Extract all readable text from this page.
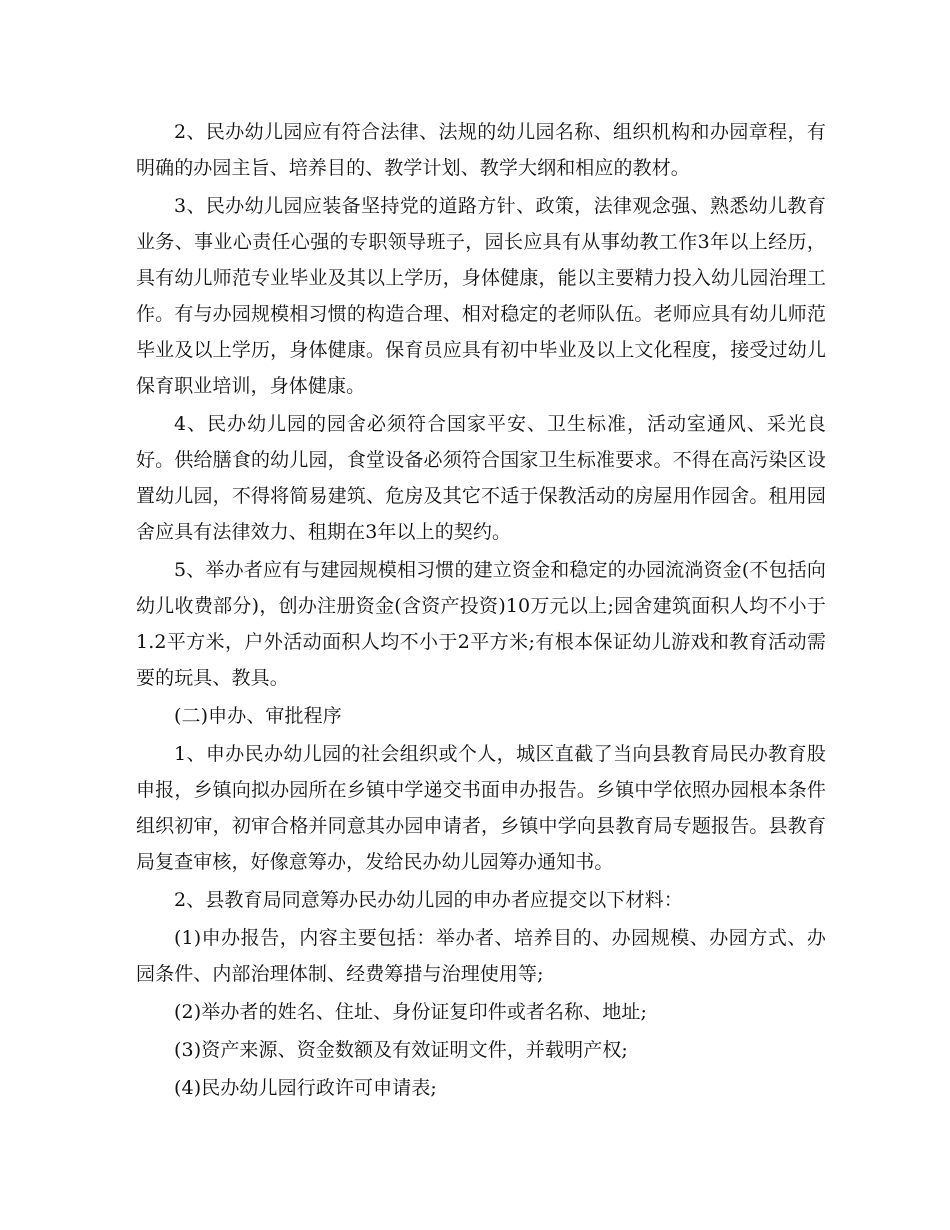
2、民办幼儿园应有符合法律、法规的幼儿园名称、组织机构和办园章程，有明确的办园主旨、培养目的、教学计划、教学大纲和相应的教材。

3、民办幼儿园应装备坚持党的道路方针、政策，法律观念强、熟悉幼儿教育业务、事业心责任心强的专职领导班子，园长应具有从事幼教工作3年以上经历，具有幼儿师范专业毕业及其以上学历，身体健康，能以主要精力投入幼儿园治理工作。有与办园规模相习惯的构造合理、相对稳定的老师队伍。老师应具有幼儿师范毕业及以上学历，身体健康。保育员应具有初中毕业及以上文化程度，接受过幼儿保育职业培训，身体健康。

4、民办幼儿园的园舍必须符合国家平安、卫生标准，活动室通风、采光良好。供给膳食的幼儿园，食堂设备必须符合国家卫生标准要求。不得在高污染区设置幼儿园，不得将简易建筑、危房及其它不适于保教活动的房屋用作园舍。租用园舍应具有法律效力、租期在3年以上的契约。

5、举办者应有与建园规模相习惯的建立资金和稳定的办园流淌资金(不包括向幼儿收费部分)，创办注册资金(含资产投资)10万元以上;园舍建筑面积人均不小于1.2平方米，户外活动面积人均不小于2平方米;有根本保证幼儿游戏和教育活动需要的玩具、教具。

(二)申办、审批程序

1、申办民办幼儿园的社会组织或个人，城区直截了当向县教育局民办教育股申报，乡镇向拟办园所在乡镇中学递交书面申办报告。乡镇中学依照办园根本条件组织初审，初审合格并同意其办园申请者，乡镇中学向县教育局专题报告。县教育局复查审核，好像意筹办，发给民办幼儿园筹办通知书。

2、县教育局同意筹办民办幼儿园的申办者应提交以下材料：

(1)申办报告，内容主要包括：举办者、培养目的、办园规模、办园方式、办园条件、内部治理体制、经费筹措与治理使用等;

(2)举办者的姓名、住址、身份证复印件或者名称、地址;

(3)资产来源、资金数额及有效证明文件，并载明产权;

(4)民办幼儿园行政许可申请表;
